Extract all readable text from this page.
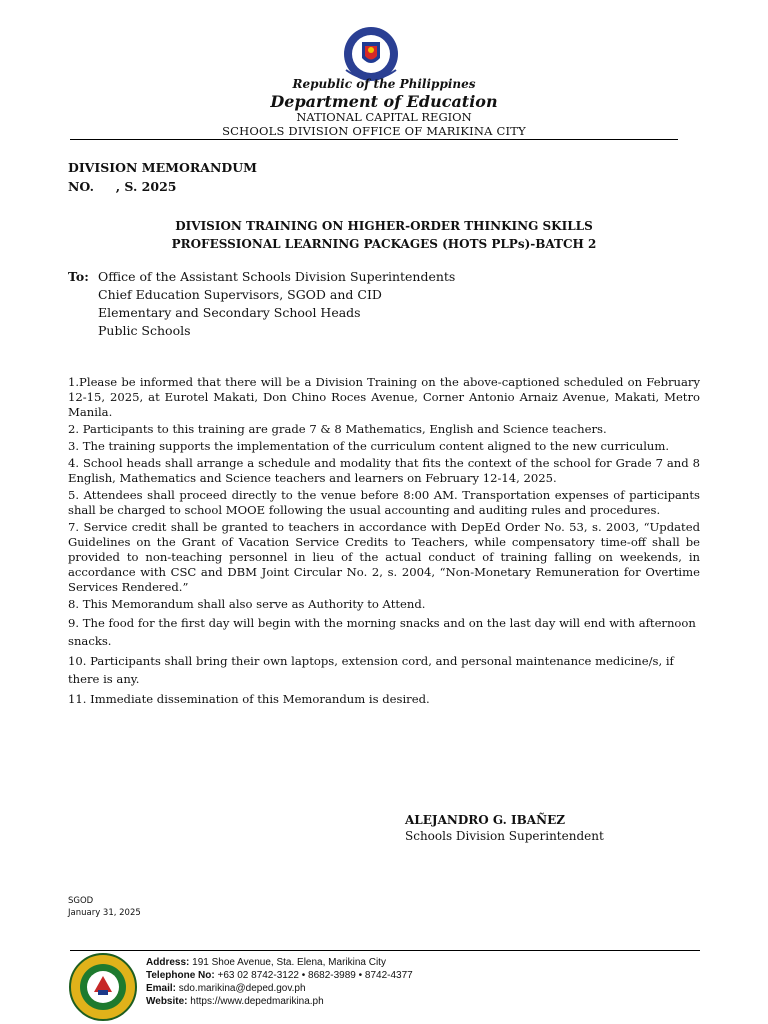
Republic of the Philippines
Department of Education
NATIONAL CAPITAL REGION
SCHOOLS DIVISION OFFICE OF MARIKINA CITY
DIVISION MEMORANDUM
NO.     , S. 2025
DIVISION TRAINING ON HIGHER-ORDER THINKING SKILLS
PROFESSIONAL LEARNING PACKAGES (HOTS PLPs)-BATCH 2
To: Office of the Assistant Schools Division Superintendents
Chief Education Supervisors, SGOD and CID
Elementary and Secondary School Heads
Public Schools

1.Please be informed that there will be a Division Training on the above-captioned scheduled on February 12-15, 2025, at Eurotel Makati, Don Chino Roces Avenue, Corner Antonio Arnaiz Avenue, Makati, Metro Manila.

2. Participants to this training are grade 7 & 8 Mathematics, English and Science teachers.

3. The training supports the implementation of the curriculum content aligned to the new curriculum.

4. School heads shall arrange a schedule and modality that fits the context of the school for Grade 7 and 8 English, Mathematics and Science teachers and learners on February 12-14, 2025.

5. Attendees shall proceed directly to the venue before 8:00 AM. Transportation expenses of participants shall be charged to school MOOE following the usual accounting and auditing rules and procedures.

7. Service credit shall be granted to teachers in accordance with DepEd Order No. 53, s. 2003, “Updated Guidelines on the Grant of Vacation Service Credits to Teachers, while compensatory time-off shall be provided to non-teaching personnel in lieu of the actual conduct of training falling on weekends, in accordance with CSC and DBM Joint Circular No. 2, s. 2004, “Non-Monetary Remuneration for Overtime Services Rendered.”

8. This Memorandum shall also serve as Authority to Attend.

9. The food for the first day will begin with the morning snacks and on the last day will end with afternoon snacks.

10. Participants shall bring their own laptops, extension cord, and personal maintenance medicine/s, if there is any.

11. Immediate dissemination of this Memorandum is desired.

ALEJANDRO G. IBAÑEZ
Schools Division Superintendent
SGOD
January 31, 2025
Address: 191 Shoe Avenue, Sta. Elena, Marikina City
Telephone No: +63 02 8742-3122 • 8682-3989 • 8742-4377
Email: sdo.marikina@deped.gov.ph
Website: https://www.depedmarikina.ph
